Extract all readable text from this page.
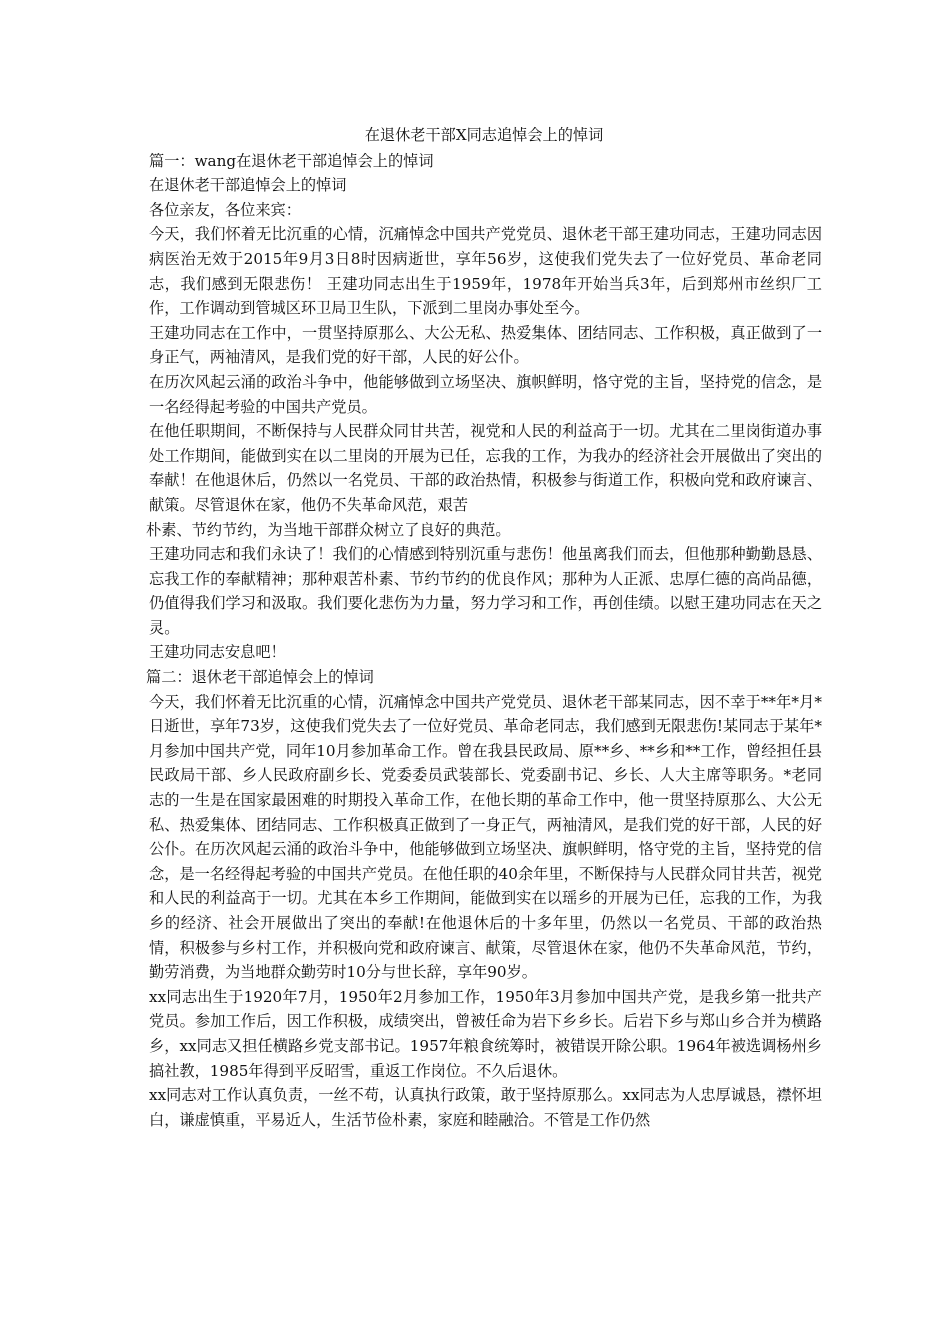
在退休老干部X同志追悼会上的悼词

篇一：wang在退休老干部追悼会上的悼词

在退休老干部追悼会上的悼词

各位亲友，各位来宾：

今天，我们怀着无比沉重的心情，沉痛悼念中国共产党党员、退休老干部王建功同志，王建功同志因病医治无效于2015年9月3日8时因病逝世，享年56岁，这使我们党失去了一位好党员、革命老同志，我们感到无限悲伤！ 王建功同志出生于1959年，1978年开始当兵3年，后到郑州市丝织厂工作，工作调动到管城区环卫局卫生队，下派到二里岗办事处至今。

王建功同志在工作中，一贯坚持原那么、大公无私、热爱集体、团结同志、工作积极，真正做到了一身正气，两袖清风，是我们党的好干部，人民的好公仆。

在历次风起云涌的政治斗争中，他能够做到立场坚决、旗帜鲜明，恪守党的主旨，坚持党的信念，是一名经得起考验的中国共产党员。

在他任职期间，不断保持与人民群众同甘共苦，视党和人民的利益高于一切。尤其在二里岗街道办事处工作期间，能做到实在以二里岗的开展为已任，忘我的工作，为我办的经济社会开展做出了突出的奉献！在他退休后，仍然以一名党员、干部的政治热情，积极参与街道工作，积极向党和政府谏言、献策。尽管退休在家，他仍不失革命风范，艰苦

朴素、节约节约，为当地干部群众树立了良好的典范。

王建功同志和我们永诀了！我们的心情感到特别沉重与悲伤！他虽离我们而去，但他那种勤勤恳恳、忘我工作的奉献精神；那种艰苦朴素、节约节约的优良作风；那种为人正派、忠厚仁德的高尚品德，仍值得我们学习和汲取。我们要化悲伤为力量，努力学习和工作，再创佳绩。以慰王建功同志在天之灵。

王建功同志安息吧！

篇二：退休老干部追悼会上的悼词

今天，我们怀着无比沉重的心情，沉痛悼念中国共产党党员、退休老干部某同志，因不幸于**年*月*日逝世，享年73岁，这使我们党失去了一位好党员、革命老同志，我们感到无限悲伤!某同志于某年*月参加中国共产党，同年10月参加革命工作。曾在我县民政局、原**乡、**乡和**工作，曾经担任县民政局干部、乡人民政府副乡长、党委委员武装部长、党委副书记、乡长、人大主席等职务。*老同志的一生是在国家最困难的时期投入革命工作，在他长期的革命工作中，他一贯坚持原那么、大公无私、热爱集体、团结同志、工作积极真正做到了一身正气，两袖清风，是我们党的好干部，人民的好公仆。在历次风起云涌的政治斗争中，他能够做到立场坚决、旗帜鲜明，恪守党的主旨，坚持党的信念，是一名经得起考验的中国共产党员。在他任职的40余年里，不断保持与人民群众同甘共苦，视党和人民的利益高于一切。尤其在本乡工作期间，能做到实在以瑶乡的开展为已任，忘我的工作，为我乡的经济、社会开展做出了突出的奉献!在他退休后的十多年里，仍然以一名党员、干部的政治热情，积极参与乡村工作，并积极向党和政府谏言、献策，尽管退休在家，他仍不失革命风范，节约，勤劳消费，为当地群众勤劳时10分与世长辞，享年90岁。

xx同志出生于1920年7月，1950年2月参加工作，1950年3月参加中国共产党，是我乡第一批共产党员。参加工作后，因工作积极，成绩突出，曾被任命为岩下乡乡长。后岩下乡与郑山乡合并为横路乡，xx同志又担任横路乡党支部书记。1957年粮食统筹时，被错误开除公职。1964年被选调杨州乡搞社教，1985年得到平反昭雪，重返工作岗位。不久后退休。

xx同志对工作认真负责，一丝不苟，认真执行政策，敢于坚持原那么。xx同志为人忠厚诚恳，襟怀坦白，谦虚慎重，平易近人，生活节俭朴素，家庭和睦融洽。不管是工作仍然
